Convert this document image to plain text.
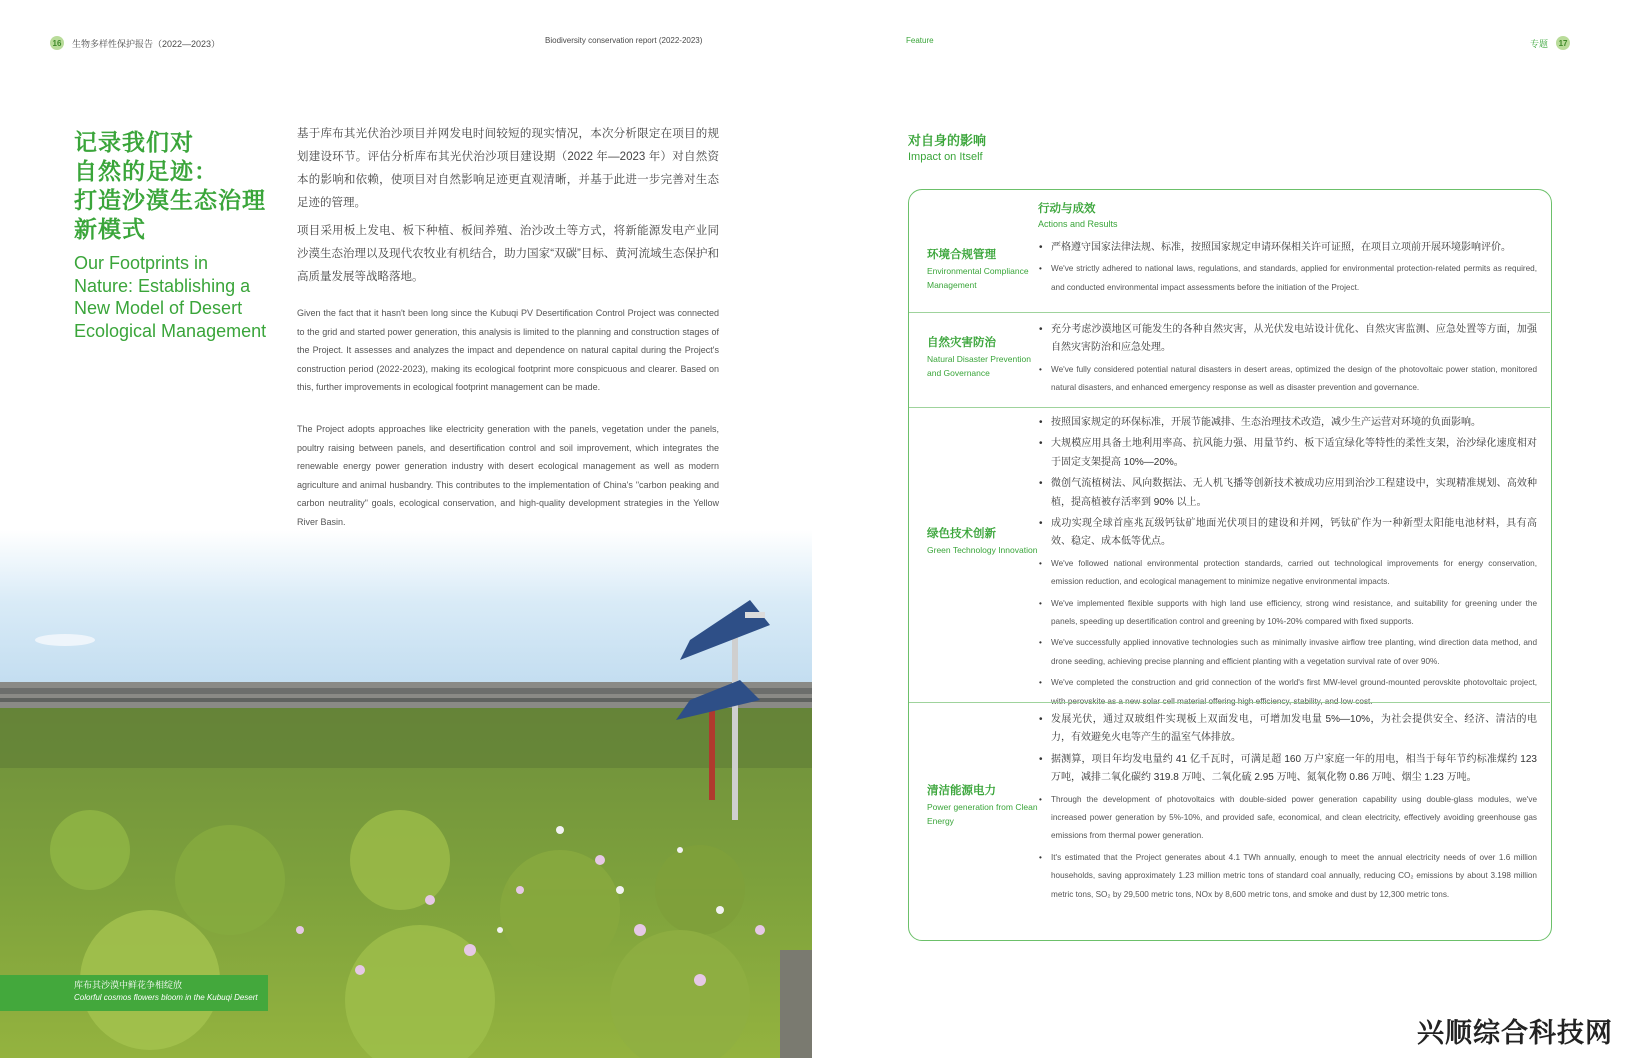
16 生物多样性保护报告（2022—2023）	Biodiversity conservation report (2022-2023)
记录我们对
自然的足迹：
打造沙漠生态治理
新模式
Our Footprints in
Nature: Establishing a
New Model of Desert
Ecological Management

基于库布其光伏治沙项目并网发电时间较短的现实情况，本次分析限定在项目的规划建设环节。评估分析库布其光伏治沙项目建设期（2022 年—2023 年）对自然资本的影响和依赖，使项目对自然影响足迹更直观清晰，并基于此进一步完善对生态足迹的管理。

项目采用板上发电、板下种植、板间养殖、治沙改土等方式，将新能源发电产业同沙漠生态治理以及现代农牧业有机结合，助力国家“双碳”目标、黄河流域生态保护和高质量发展等战略落地。

Given the fact that it hasn't been long since the Kubuqi PV Desertification Control Project was connected to the grid and started power generation, this analysis is limited to the planning and construction stages of the Project. It assesses and analyzes the impact and dependence on natural capital during the Project's construction period (2022-2023), making its ecological footprint more conspicuous and clearer. Based on this, further improvements in ecological footprint management can be made.

The Project adopts approaches like electricity generation with the panels, vegetation under the panels, poultry raising between panels, and desertification control and soil improvement, which integrates the renewable energy power generation industry with desert ecological management as well as modern agriculture and animal husbandry. This contributes to the implementation of China's "carbon peaking and carbon neutrality" goals, ecological conservation, and high-quality development strategies in the Yellow River Basin.

库布其沙漠中鲜花争相绽放
Colorful cosmos flowers bloom in the Kubuqi Desert
Feature	专题	17
对自身的影响
Impact on Itself
行动与成效
Actions and Results
环境合规管理
Environmental Compliance Management
• 严格遵守国家法律法规、标准，按照国家规定申请环保相关许可证照，在项目立项前开展环境影响评价。
• We've strictly adhered to national laws, regulations, and standards, applied for environmental protection-related permits as required, and conducted environmental impact assessments before the initiation of the Project.
自然灾害防治
Natural Disaster Prevention and Governance
• 充分考虑沙漠地区可能发生的各种自然灾害，从光伏发电站设计优化、自然灾害监测、应急处置等方面，加强自然灾害防治和应急处理。
• We've fully considered potential natural disasters in desert areas, optimized the design of the photovoltaic power station, monitored natural disasters, and enhanced emergency response as well as disaster prevention and governance.
绿色技术创新
Green Technology Innovation
• 按照国家规定的环保标准，开展节能减排、生态治理技术改造，减少生产运营对环境的负面影响。
• 大规模应用具备土地利用率高、抗风能力强、用量节约、板下适宜绿化等特性的柔性支架，治沙绿化速度相对于固定支架提高 10%—20%。
• 微创气流植树法、风向数据法、无人机飞播等创新技术被成功应用到治沙工程建设中，实现精准规划、高效种植，提高植被存活率到 90% 以上。
• 成功实现全球首座兆瓦级钙钛矿地面光伏项目的建设和并网，钙钛矿作为一种新型太阳能电池材料，具有高效、稳定、成本低等优点。
• We've followed national environmental protection standards, carried out technological improvements for energy conservation, emission reduction, and ecological management to minimize negative environmental impacts.
• We've implemented flexible supports with high land use efficiency, strong wind resistance, and suitability for greening under the panels, speeding up desertification control and greening by 10%-20% compared with fixed supports.
• We've successfully applied innovative technologies such as minimally invasive airflow tree planting, wind direction data method, and drone seeding, achieving precise planning and efficient planting with a vegetation survival rate of over 90%.
• We've completed the construction and grid connection of the world's first MW-level ground-mounted perovskite photovoltaic project, with perovskite as a new solar cell material offering high efficiency, stability, and low cost.
清洁能源电力
Power generation from Clean Energy
• 发展光伏，通过双玻组件实现板上双面发电，可增加发电量 5%—10%，为社会提供安全、经济、清洁的电力，有效避免火电等产生的温室气体排放。
• 据测算，项目年均发电量约 41 亿千瓦时，可满足超 160 万户家庭一年的用电，相当于每年节约标准煤约 123 万吨，减排二氧化碳约 319.8 万吨、二氧化硫 2.95 万吨、氮氧化物 0.86 万吨、烟尘 1.23 万吨。
• Through the development of photovoltaics with double-sided power generation capability using double-glass modules, we've increased power generation by 5%-10%, and provided safe, economical, and clean electricity, effectively avoiding greenhouse gas emissions from thermal power generation.
• It's estimated that the Project generates about 4.1 TWh annually, enough to meet the annual electricity needs of over 1.6 million households, saving approximately 1.23 million metric tons of standard coal annually, reducing CO₂ emissions by about 3.198 million metric tons, SO₂ by 29,500 metric tons, NOx by 8,600 metric tons, and smoke and dust by 12,300 metric tons.
兴顺综合科技网
